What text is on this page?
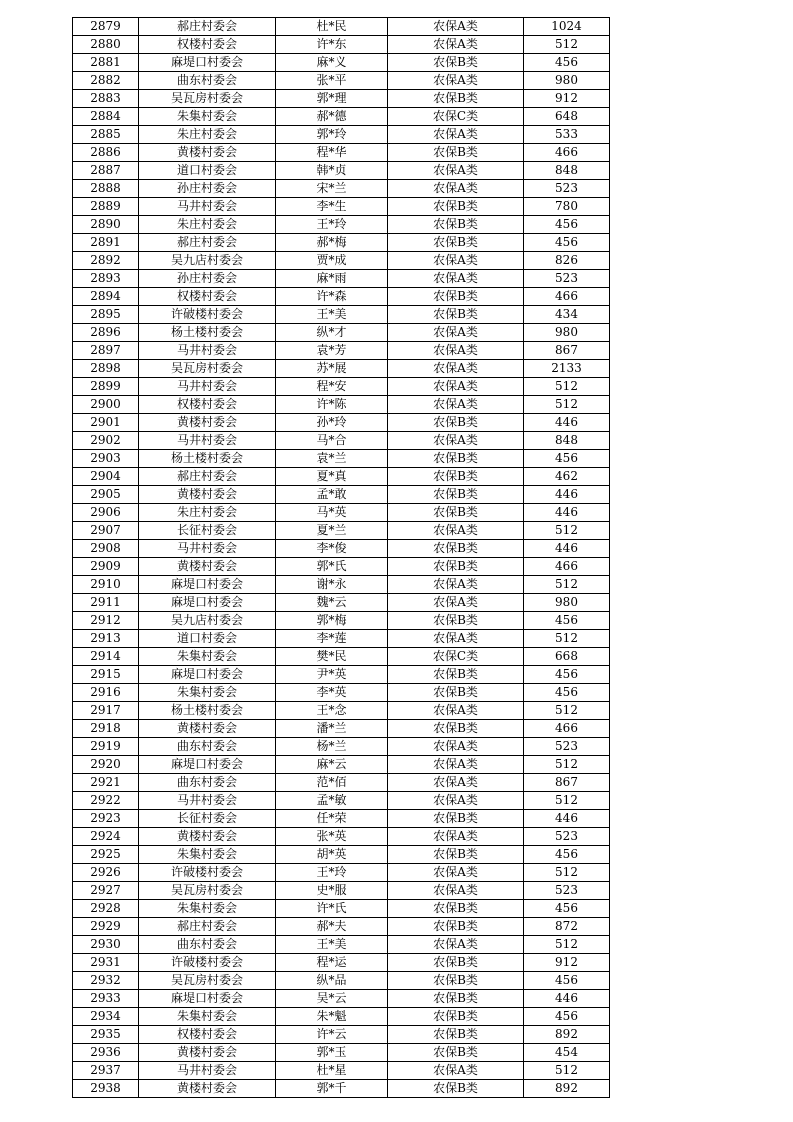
2879	郝庄村委会	杜*民	农保A类	1024
2880	权楼村委会	许*东	农保A类	512
2881	麻堤口村委会	麻*义	农保B类	456
2882	曲东村委会	张*平	农保A类	980
2883	吴瓦房村委会	郭*理	农保B类	912
2884	朱集村委会	郝*德	农保C类	648
2885	朱庄村委会	郭*玲	农保A类	533
2886	黄楼村委会	程*华	农保B类	466
2887	道口村委会	韩*贞	农保A类	848
2888	孙庄村委会	宋*兰	农保A类	523
2889	马井村委会	李*生	农保B类	780
2890	朱庄村委会	王*玲	农保B类	456
2891	郝庄村委会	郝*梅	农保B类	456
2892	吴九店村委会	贾*成	农保A类	826
2893	孙庄村委会	麻*雨	农保A类	523
2894	权楼村委会	许*森	农保B类	466
2895	许破楼村委会	王*美	农保B类	434
2896	杨土楼村委会	纵*才	农保A类	980
2897	马井村委会	袁*芳	农保A类	867
2898	吴瓦房村委会	苏*展	农保A类	2133
2899	马井村委会	程*安	农保A类	512
2900	权楼村委会	许*陈	农保A类	512
2901	黄楼村委会	孙*玲	农保B类	446
2902	马井村委会	马*合	农保A类	848
2903	杨土楼村委会	袁*兰	农保B类	456
2904	郝庄村委会	夏*真	农保B类	462
2905	黄楼村委会	孟*敢	农保B类	446
2906	朱庄村委会	马*英	农保B类	446
2907	长征村委会	夏*兰	农保A类	512
2908	马井村委会	李*俊	农保B类	446
2909	黄楼村委会	郭*氏	农保B类	466
2910	麻堤口村委会	谢*永	农保A类	512
2911	麻堤口村委会	魏*云	农保A类	980
2912	吴九店村委会	郭*梅	农保B类	456
2913	道口村委会	李*莲	农保A类	512
2914	朱集村委会	樊*民	农保C类	668
2915	麻堤口村委会	尹*英	农保B类	456
2916	朱集村委会	李*英	农保B类	456
2917	杨土楼村委会	王*念	农保A类	512
2918	黄楼村委会	潘*兰	农保B类	466
2919	曲东村委会	杨*兰	农保A类	523
2920	麻堤口村委会	麻*云	农保A类	512
2921	曲东村委会	范*佰	农保A类	867
2922	马井村委会	孟*敏	农保A类	512
2923	长征村委会	任*荣	农保B类	446
2924	黄楼村委会	张*英	农保A类	523
2925	朱集村委会	胡*英	农保B类	456
2926	许破楼村委会	王*玲	农保A类	512
2927	吴瓦房村委会	史*服	农保A类	523
2928	朱集村委会	许*氏	农保B类	456
2929	郝庄村委会	郝*夫	农保B类	872
2930	曲东村委会	王*美	农保A类	512
2931	许破楼村委会	程*运	农保B类	912
2932	吴瓦房村委会	纵*品	农保B类	456
2933	麻堤口村委会	吴*云	农保B类	446
2934	朱集村委会	朱*魁	农保B类	456
2935	权楼村委会	许*云	农保B类	892
2936	黄楼村委会	郭*玉	农保B类	454
2937	马井村委会	杜*星	农保A类	512
2938	黄楼村委会	郭*千	农保B类	892
